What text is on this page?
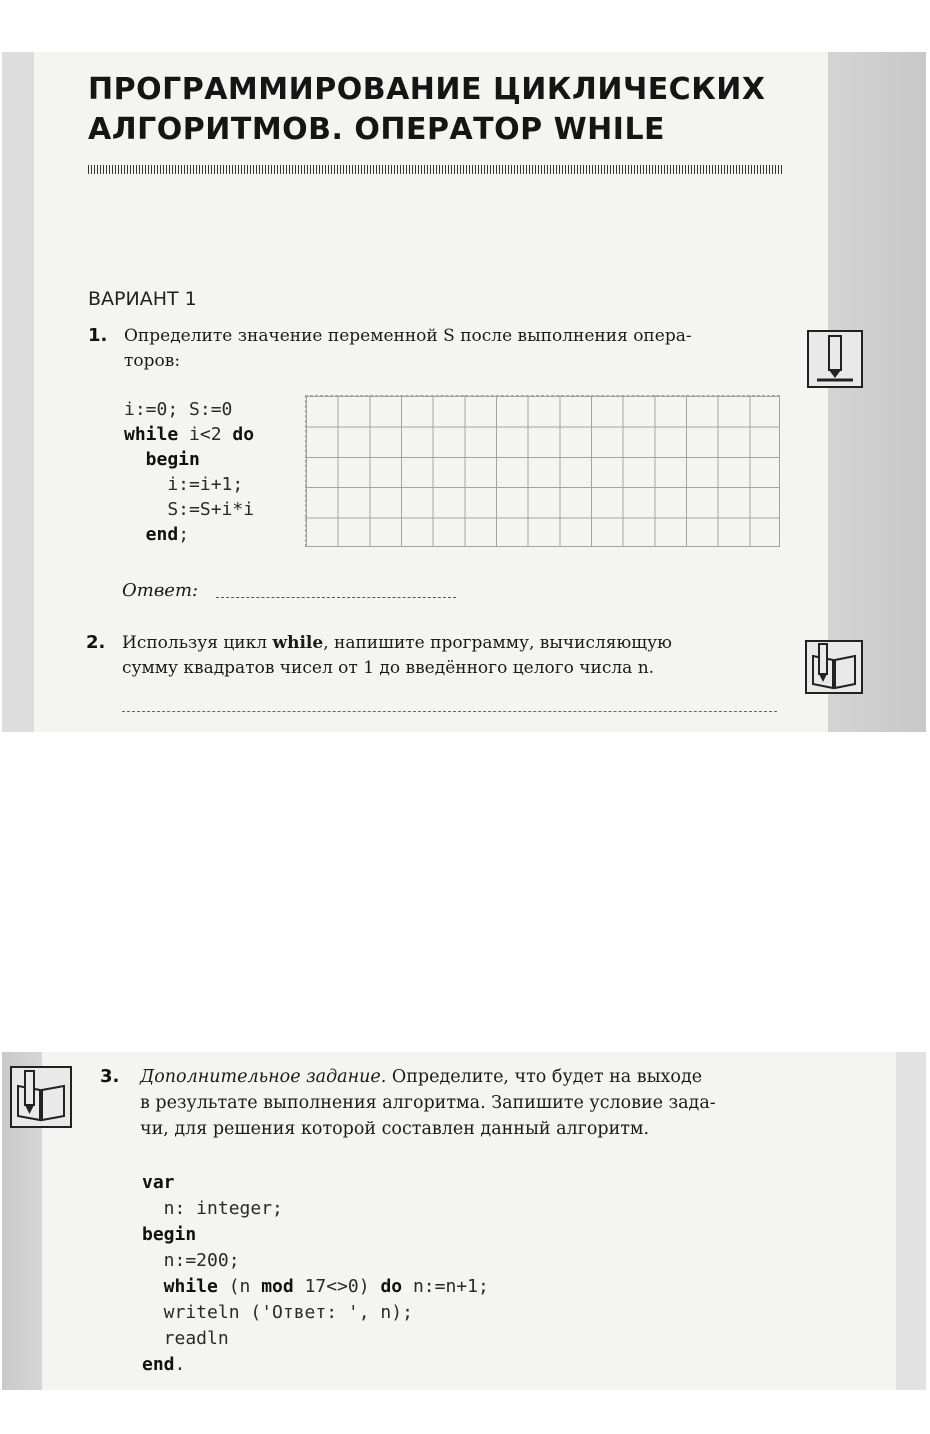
ПРОГРАММИРОВАНИЕ ЦИКЛИЧЕСКИХ
АЛГОРИТМОВ. ОПЕРАТОР WHILE
ВАРИАНТ 1
1. Определите значение переменной S после выполнения опера-
торов:
i:=0; S:=0
while i<2 do
begin
i:=i+1;
S:=S+i*i
end;
Ответ:
2. Используя цикл while, напишите программу, вычисляющую
сумму квадратов чисел от 1 до введённого целого числа n.
3. Дополнительное задание. Определите, что будет на выходе
в результате выполнения алгоритма. Запишите условие зада-
чи, для решения которой составлен данный алгоритм.
var
n: integer;
begin
n:=200;
while (n mod 17<>0) do n:=n+1;
writeln ('Ответ: ', n);
readln
end.
